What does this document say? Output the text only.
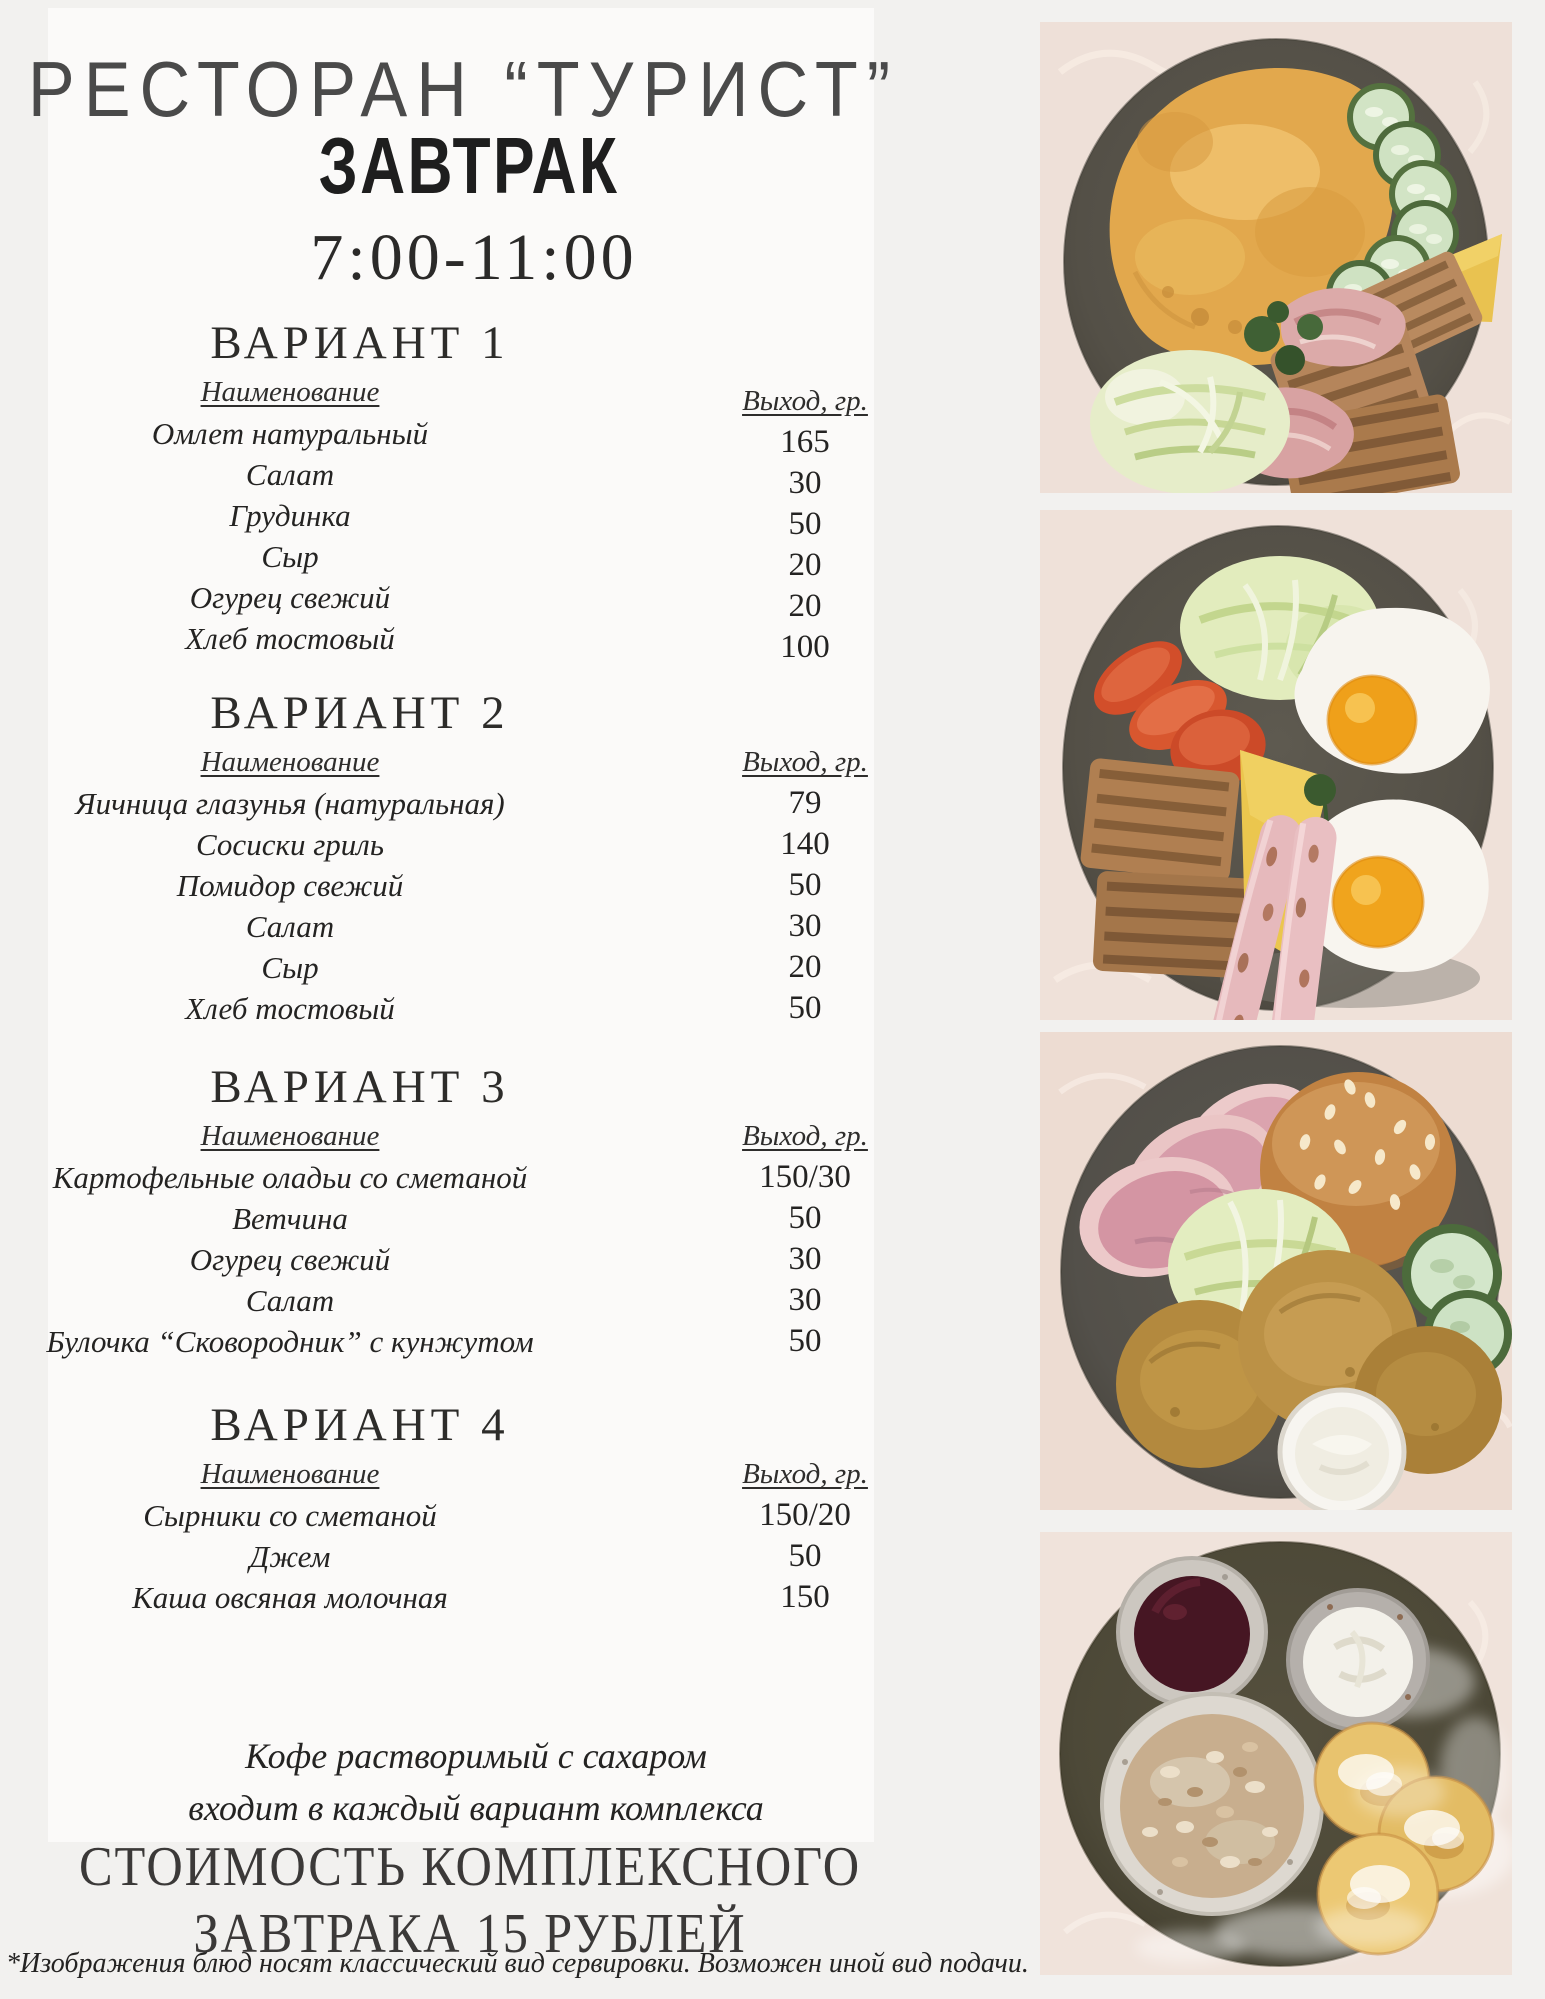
РЕСТОРАН “ТУРИСТ”
ЗАВТРАК
7:00-11:00
ВАРИАНТ 1
Наименование
Омлет натуральный
Салат
Грудинка
Сыр
Огурец свежий
Хлеб тостовый
Выход, гр.
165
30
50
20
20
100
ВАРИАНТ 2
Наименование
Яичница глазунья (натуральная)
Сосиски гриль
Помидор свежий
Салат
Сыр
Хлеб тостовый
Выход, гр.
79
140
50
30
20
50
ВАРИАНТ 3
Наименование
Картофельные оладьи со сметаной
Ветчина
Огурец свежий
Салат
Булочка “Сковородник” с кунжутом
Выход, гр.
150/30
50
30
30
50
ВАРИАНТ 4
Наименование
Сырники со сметаной
Джем
Каша овсяная молочная
Выход, гр.
150/20
50
150
Кофе растворимый с сахаром
входит в каждый вариант комплекса
СТОИМОСТЬ КОМПЛЕКСНОГО
ЗАВТРАКА 15 РУБЛЕЙ
*Изображения блюд носят классический вид сервировки. Возможен иной вид подачи.
